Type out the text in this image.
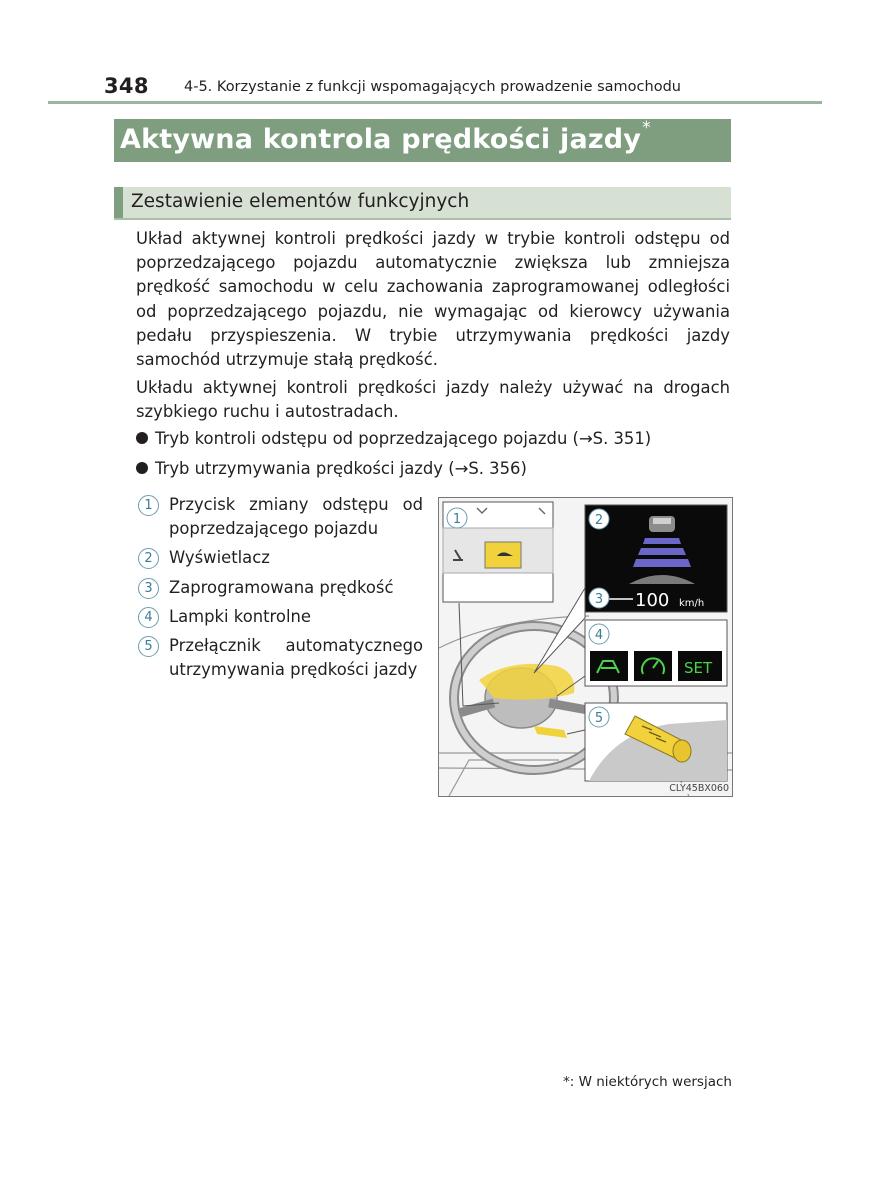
348 4-5. Korzystanie z funkcji wspomagających prowadzenie samochodu
Aktywna kontrola prędkości jazdy*
Zestawienie elementów funkcyjnych
Układ aktywnej kontroli prędkości jazdy w trybie kontroli odstępu od poprzedzającego pojazdu automatycznie zwiększa lub zmniejsza prędkość samochodu w celu zachowania zaprogramowanej odległości od poprzedzającego pojazdu, nie wymagając od kierowcy używania pedału przyspieszenia. W trybie utrzymywania prędkości jazdy samochód utrzymuje stałą prędkość.
Układu aktywnej kontroli prędkości jazdy należy używać na drogach szybkiego ruchu i autostradach.
Tryb kontroli odstępu od poprzedzającego pojazdu (→S. 351)
Tryb utrzymywania prędkości jazdy (→S. 356)
1 Przycisk zmiany odstępu od poprzedzającego pojazdu
2 Wyświetlacz
3 Zaprogramowana prędkość
4 Lampki kontrolne
5 Przełącznik automatycznego utrzymywania prędkości jazdy
100 km/h
SET
1	2
3
4
5
CLY45BX060
*: W niektórych wersjach
